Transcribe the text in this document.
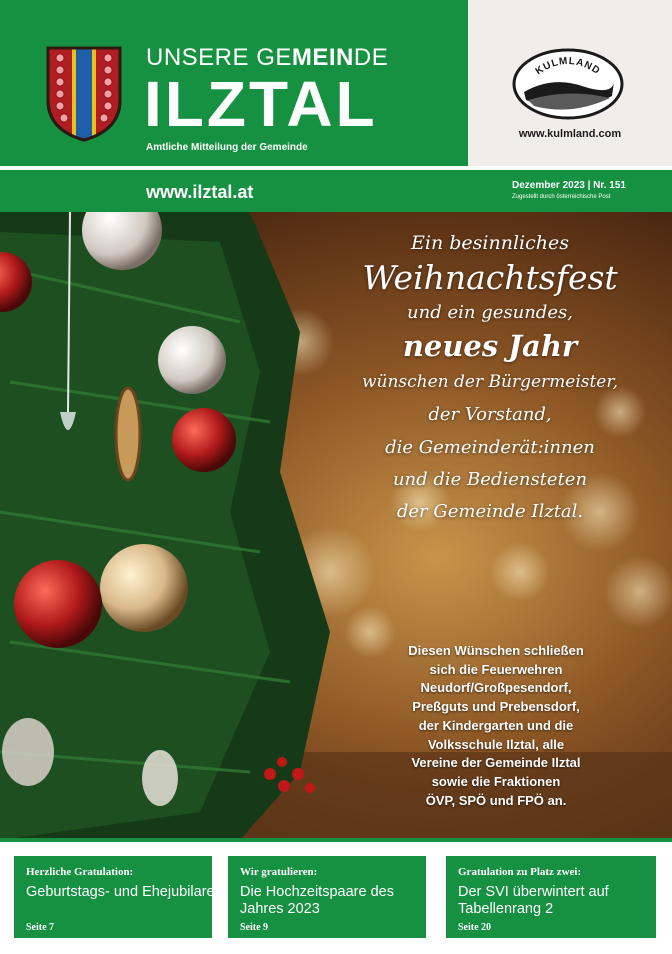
UNSERE GEMEINDE
ILZTAL
Amtliche Mitteilung der Gemeinde
KULMLAND
www.kulmland.com
www.ilztal.at	Dezember 2023 | Nr. 151
Zugestellt durch österreichische Post
Ein besinnliches
Weihnachtsfest
und ein gesundes,
neues Jahr
wünschen der Bürgermeister,
der Vorstand,
die Gemeinderät:innen
und die Bediensteten
der Gemeinde Ilztal.
Diesen Wünschen schließen
sich die Feuerwehren
Neudorf/Großpesendorf,
Preßguts und Prebensdorf,
der Kindergarten und die
Volksschule Ilztal, alle
Vereine der Gemeinde Ilztal
sowie die Fraktionen
ÖVP, SPÖ und FPÖ an.
Herzliche Gratulation:
Geburtstags- und Ehejubilare
Seite 7
Wir gratulieren:
Die Hochzeitspaare des Jahres 2023
Seite 9
Gratulation zu Platz zwei:
Der SVI überwintert auf Tabellenrang 2
Seite 20
